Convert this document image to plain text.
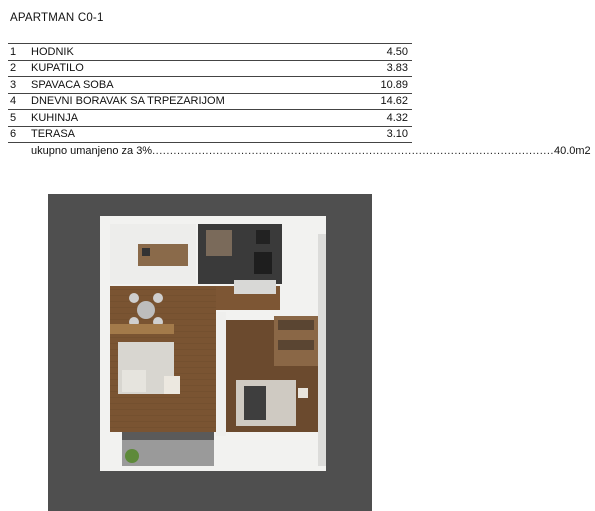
APARTMAN C0-1
1	HODNIK	4.50
2	KUPATILO	3.83
3	SPAVACA SOBA	10.89
4	DNEVNI BORAVAK SA TRPEZARIJOM	14.62
5	KUHINJA	4.32
6	TERASA	3.10
ukupno umanjeno za 3% ................................................................................................................. 40.0m2
